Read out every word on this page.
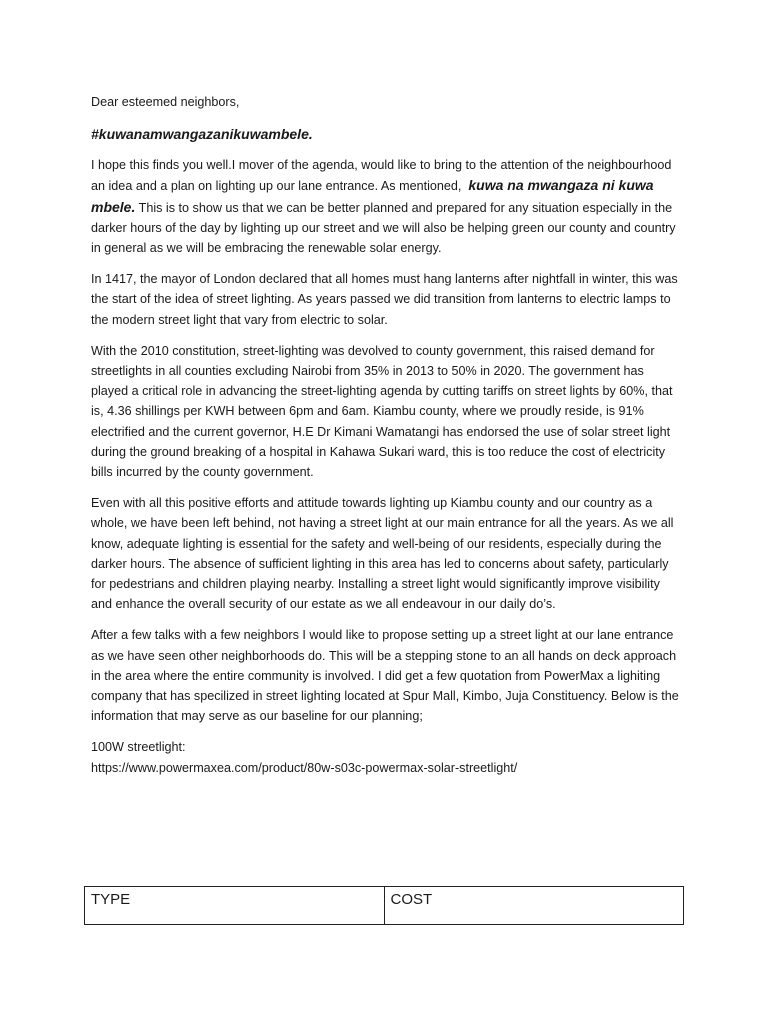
Dear esteemed neighbors,

#kuwanamwangazanikuwambele.

I hope this finds you well.I mover of the agenda, would like to bring to the attention of the neighbourhood an idea and a plan on lighting up our lane entrance. As mentioned, kuwa na mwangaza ni kuwa mbele. This is to show us that we can be better planned and prepared for any situation especially in the darker hours of the day by lighting up our street and we will also be helping green our county and country in general as we will be embracing the renewable solar energy.

In 1417, the mayor of London declared that all homes must hang lanterns after nightfall in winter, this was the start of the idea of street lighting. As years passed we did transition from lanterns to electric lamps to the modern street light that vary from electric to solar.

With the 2010 constitution, street-lighting was devolved to county government, this raised demand for streetlights in all counties excluding Nairobi from 35% in 2013 to 50% in 2020. The government has played a critical role in advancing the street-lighting agenda by cutting tariffs on street lights by 60%, that is, 4.36 shillings per KWH between 6pm and 6am. Kiambu county, where we proudly reside, is 91% electrified and the current governor, H.E Dr Kimani Wamatangi has endorsed the use of solar street light during the ground breaking of a hospital in Kahawa Sukari ward, this is too reduce the cost of electricity bills incurred by the county government.

Even with all this positive efforts and attitude towards lighting up Kiambu county and our country as a whole, we have been left behind, not having a street light at our main entrance for all the years. As we all know, adequate lighting is essential for the safety and well-being of our residents, especially during the darker hours. The absence of sufficient lighting in this area has led to concerns about safety, particularly for pedestrians and children playing nearby. Installing a street light would significantly improve visibility and enhance the overall security of our estate as we all endeavour in our daily do’s.

After a few talks with a few neighbors I would like to propose setting up a street light at our lane entrance as we have seen other neighborhoods do. This will be a stepping stone to an all hands on deck approach in the area where the entire community is involved. I did get a few quotation from PowerMax a lighiting company that has specilized in street lighting located at Spur Mall, Kimbo, Juja Constituency. Below is the information that may serve as our baseline for our planning;

100W streetlight:
https://www.powermaxea.com/product/80w-s03c-powermax-solar-streetlight/

TYPE	COST
